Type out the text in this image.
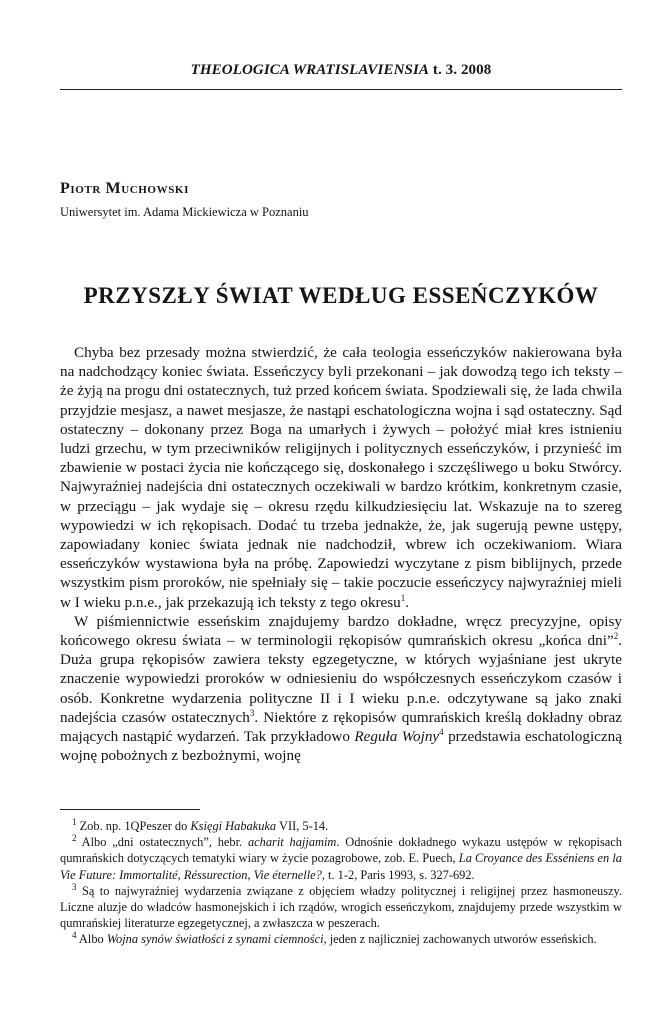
THEOLOGICA WRATISLAVIENSIA t. 3. 2008
Piotr Muchowski
Uniwersytet im. Adama Mickiewicza w Poznaniu
PRZYSZŁY ŚWIAT WEDŁUG ESSEŃCZYKÓW

Chyba bez przesady można stwierdzić, że cała teologia esseńczyków nakierowana była na nadchodzący koniec świata. Esseńczycy byli przekonani – jak dowodzą tego ich teksty – że żyją na progu dni ostatecznych, tuż przed końcem świata. Spodziewali się, że lada chwila przyjdzie mesjasz, a nawet mesjasze, że nastąpi eschatologiczna wojna i sąd ostateczny. Sąd ostateczny – dokonany przez Boga na umarłych i żywych – położyć miał kres istnieniu ludzi grzechu, w tym przeciwników religijnych i politycznych esseńczyków, i przynieść im zbawienie w postaci życia nie kończącego się, doskonałego i szczęśliwego u boku Stwórcy. Najwyraźniej nadejścia dni ostatecznych oczekiwali w bardzo krótkim, konkretnym czasie, w przeciągu – jak wydaje się – okresu rzędu kilkudziesięciu lat. Wskazuje na to szereg wypowiedzi w ich rękopisach. Dodać tu trzeba jednakże, że, jak sugerują pewne ustępy, zapowiadany koniec świata jednak nie nadchodził, wbrew ich oczekiwaniom. Wiara esseńczyków wystawiona była na próbę. Zapowiedzi wyczytane z pism biblijnych, przede wszystkim pism proroków, nie spełniały się – takie poczucie esseńczycy najwyraźniej mieli w I wieku p.n.e., jak przekazują ich teksty z tego okresu$^1$.

W piśmiennictwie esseńskim znajdujemy bardzo dokładne, wręcz precyzyjne, opisy końcowego okresu świata – w terminologii rękopisów qumrańskich okresu „końca dni”$^2$. Duża grupa rękopisów zawiera teksty egzegetyczne, w których wyjaśniane jest ukryte znaczenie wypowiedzi proroków w odniesieniu do współczesnych esseńczykom czasów i osób. Konkretne wydarzenia polityczne II i I wieku p.n.e. odczytywane są jako znaki nadejścia czasów ostatecznych$^3$. Niektóre z rękopisów qumrańskich kreślą dokładny obraz mających nastąpić wydarzeń. Tak przykładowo Reguła Wojny$^4$ przedstawia eschatologiczną wojnę pobożnych z bezbożnymi, wojnę

$^1$ Zob. np. 1QPeszer do Księgi Habakuka VII, 5-14.

$^2$ Albo „dni ostatecznych”, hebr. acharit hajjamim. Odnośnie dokładnego wykazu ustępów w rękopisach qumrańskich dotyczących tematyki wiary w życie pozagrobowe, zob. E. Puech, La Croyance des Esséniens en la Vie Future: Immortalité, Réssurection, Vie éternelle?, t. 1-2, Paris 1993, s. 327-692.

$^3$ Są to najwyraźniej wydarzenia związane z objęciem władzy politycznej i religijnej przez hasmoneuszy. Liczne aluzje do władców hasmonejskich i ich rządów, wrogich esseńczykom, znajdujemy przede wszystkim w qumrańskiej literaturze egzegetycznej, a zwłaszcza w peszerach.

$^4$ Albo Wojna synów światłości z synami ciemności, jeden z najliczniej zachowanych utworów esseńskich.
